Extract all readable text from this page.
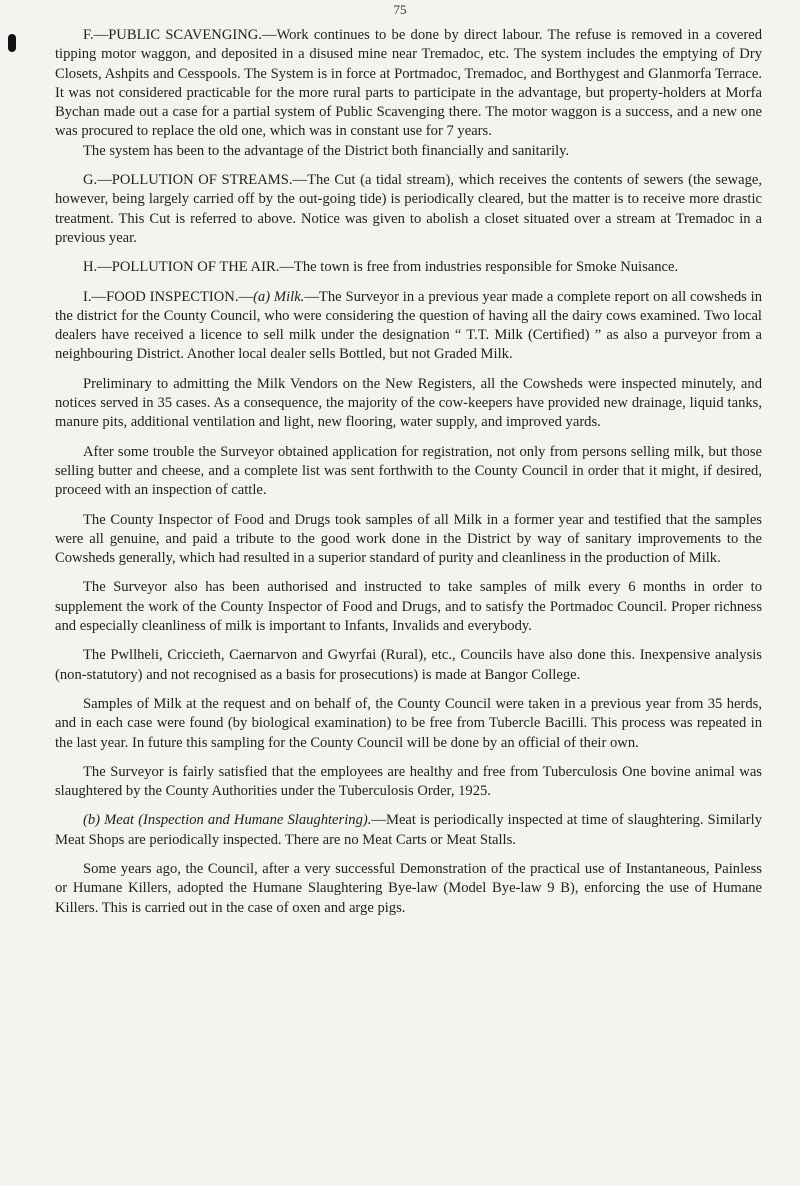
75

F.—PUBLIC SCAVENGING.—Work continues to be done by direct labour. The refuse is removed in a covered tipping motor waggon, and deposited in a disused mine near Tremadoc, etc. The system includes the emptying of Dry Closets, Ashpits and Cesspools. The System is in force at Portmadoc, Tremadoc, and Borthygest and Glanmorfa Terrace. It was not considered practicable for the more rural parts to participate in the advantage, but property-holders at Morfa Bychan made out a case for a partial system of Public Scavenging there. The motor waggon is a success, and a new one was procured to replace the old one, which was in constant use for 7 years.

The system has been to the advantage of the District both financially and sanitarily.

G.—POLLUTION OF STREAMS.—The Cut (a tidal stream), which receives the contents of sewers (the sewage, however, being largely carried off by the out-going tide) is periodically cleared, but the matter is to receive more drastic treatment. This Cut is referred to above. Notice was given to abolish a closet situated over a stream at Tremadoc in a previous year.

H.—POLLUTION OF THE AIR.—The town is free from industries responsible for Smoke Nuisance.

I.—FOOD INSPECTION.—(a) Milk.—The Surveyor in a previous year made a complete report on all cowsheds in the district for the County Council, who were considering the question of having all the dairy cows examined. Two local dealers have received a licence to sell milk under the designation “ T.T. Milk (Certified) ” as also a purveyor from a neighbouring District. Another local dealer sells Bottled, but not Graded Milk.

Preliminary to admitting the Milk Vendors on the New Registers, all the Cowsheds were inspected minutely, and notices served in 35 cases. As a consequence, the majority of the cow-keepers have provided new drainage, liquid tanks, manure pits, additional ventilation and light, new flooring, water supply, and improved yards.

After some trouble the Surveyor obtained application for registration, not only from persons selling milk, but those selling butter and cheese, and a complete list was sent forthwith to the County Council in order that it might, if desired, proceed with an inspection of cattle.

The County Inspector of Food and Drugs took samples of all Milk in a former year and testified that the samples were all genuine, and paid a tribute to the good work done in the District by way of sanitary improvements to the Cowsheds generally, which had resulted in a superior standard of purity and cleanliness in the production of Milk.

The Surveyor also has been authorised and instructed to take samples of milk every 6 months in order to supplement the work of the County Inspector of Food and Drugs, and to satisfy the Portmadoc Council. Proper richness and especially cleanliness of milk is important to Infants, Invalids and everybody.

The Pwllheli, Criccieth, Caernarvon and Gwyrfai (Rural), etc., Councils have also done this. Inexpensive analysis (non-statutory) and not recognised as a basis for prosecutions) is made at Bangor College.

Samples of Milk at the request and on behalf of, the County Council were taken in a previous year from 35 herds, and in each case were found (by biological examination) to be free from Tubercle Bacilli. This process was repeated in the last year. In future this sampling for the County Council will be done by an official of their own.

The Surveyor is fairly satisfied that the employees are healthy and free from Tuberculosis One bovine animal was slaughtered by the County Authorities under the Tuberculosis Order, 1925.

(b) Meat (Inspection and Humane Slaughtering).—Meat is periodically inspected at time of slaughtering. Similarly Meat Shops are periodically inspected. There are no Meat Carts or Meat Stalls.

Some years ago, the Council, after a very successful Demonstration of the practical use of Instantaneous, Painless or Humane Killers, adopted the Humane Slaughtering Bye-law (Model Bye-law 9 B), enforcing the use of Humane Killers. This is carried out in the case of oxen and arge pigs.
